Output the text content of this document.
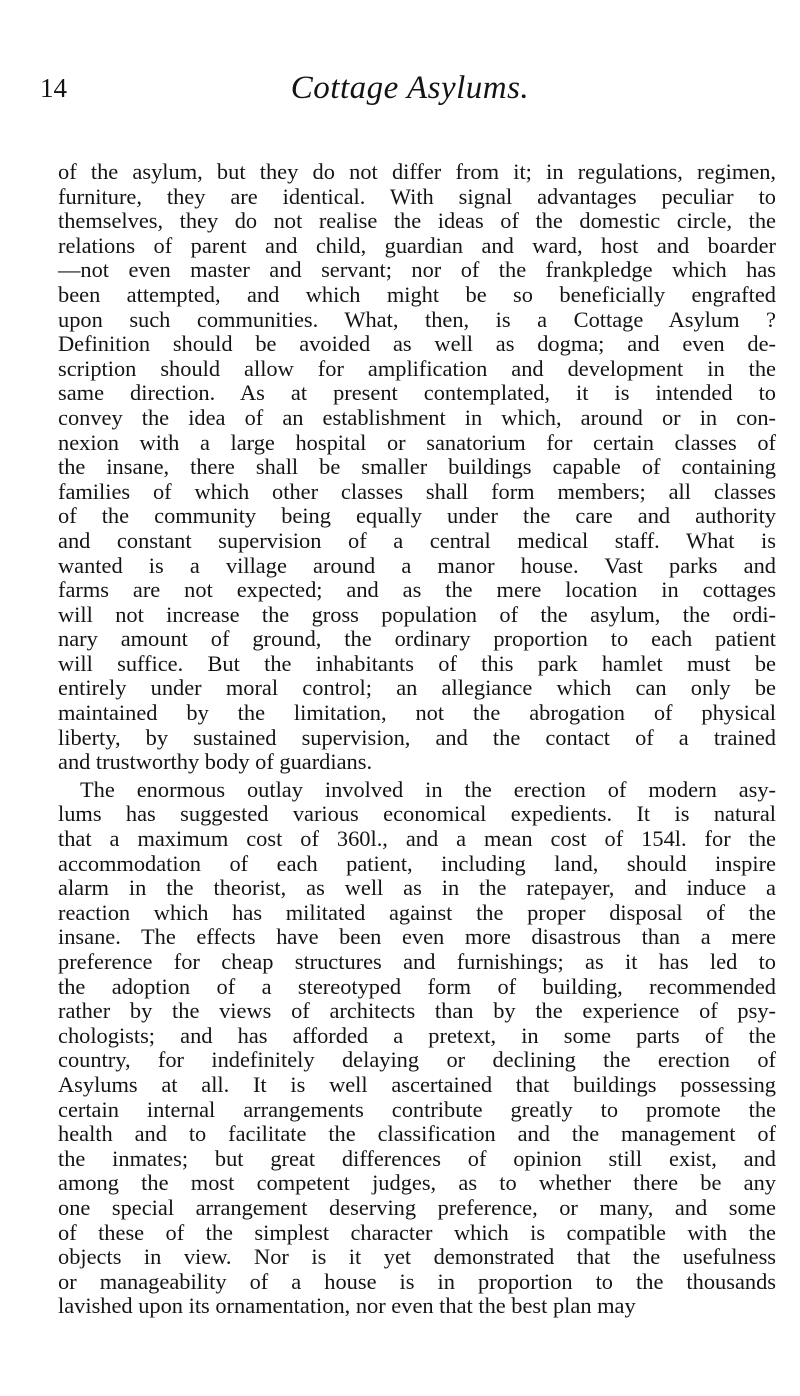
14	Cottage Asylums.

of the asylum, but they do not differ from it; in regulations, regimen,
furniture, they are identical. With signal advantages peculiar to
themselves, they do not realise the ideas of the domestic circle, the
relations of parent and child, guardian and ward, host and boarder
—not even master and servant; nor of the frankpledge which has
been attempted, and which might be so beneficially engrafted
upon such communities. What, then, is a Cottage Asylum ?
Definition should be avoided as well as dogma; and even de-
scription should allow for amplification and development in the
same direction. As at present contemplated, it is intended to
convey the idea of an establishment in which, around or in con-
nexion with a large hospital or sanatorium for certain classes of
the insane, there shall be smaller buildings capable of containing
families of which other classes shall form members; all classes
of the community being equally under the care and authority
and constant supervision of a central medical staff. What is
wanted is a village around a manor house. Vast parks and
farms are not expected; and as the mere location in cottages
will not increase the gross population of the asylum, the ordi-
nary amount of ground, the ordinary proportion to each patient
will suffice. But the inhabitants of this park hamlet must be
entirely under moral control; an allegiance which can only be
maintained by the limitation, not the abrogation of physical
liberty, by sustained supervision, and the contact of a trained
and trustworthy body of guardians.

The enormous outlay involved in the erection of modern asy-
lums has suggested various economical expedients. It is natural
that a maximum cost of 360l., and a mean cost of 154l. for the
accommodation of each patient, including land, should inspire
alarm in the theorist, as well as in the ratepayer, and induce a
reaction which has militated against the proper disposal of the
insane. The effects have been even more disastrous than a mere
preference for cheap structures and furnishings; as it has led to
the adoption of a stereotyped form of building, recommended
rather by the views of architects than by the experience of psy-
chologists; and has afforded a pretext, in some parts of the
country, for indefinitely delaying or declining the erection of
Asylums at all. It is well ascertained that buildings possessing
certain internal arrangements contribute greatly to promote the
health and to facilitate the classification and the management of
the inmates; but great differences of opinion still exist, and
among the most competent judges, as to whether there be any
one special arrangement deserving preference, or many, and some
of these of the simplest character which is compatible with the
objects in view. Nor is it yet demonstrated that the usefulness
or manageability of a house is in proportion to the thousands
lavished upon its ornamentation, nor even that the best plan may
